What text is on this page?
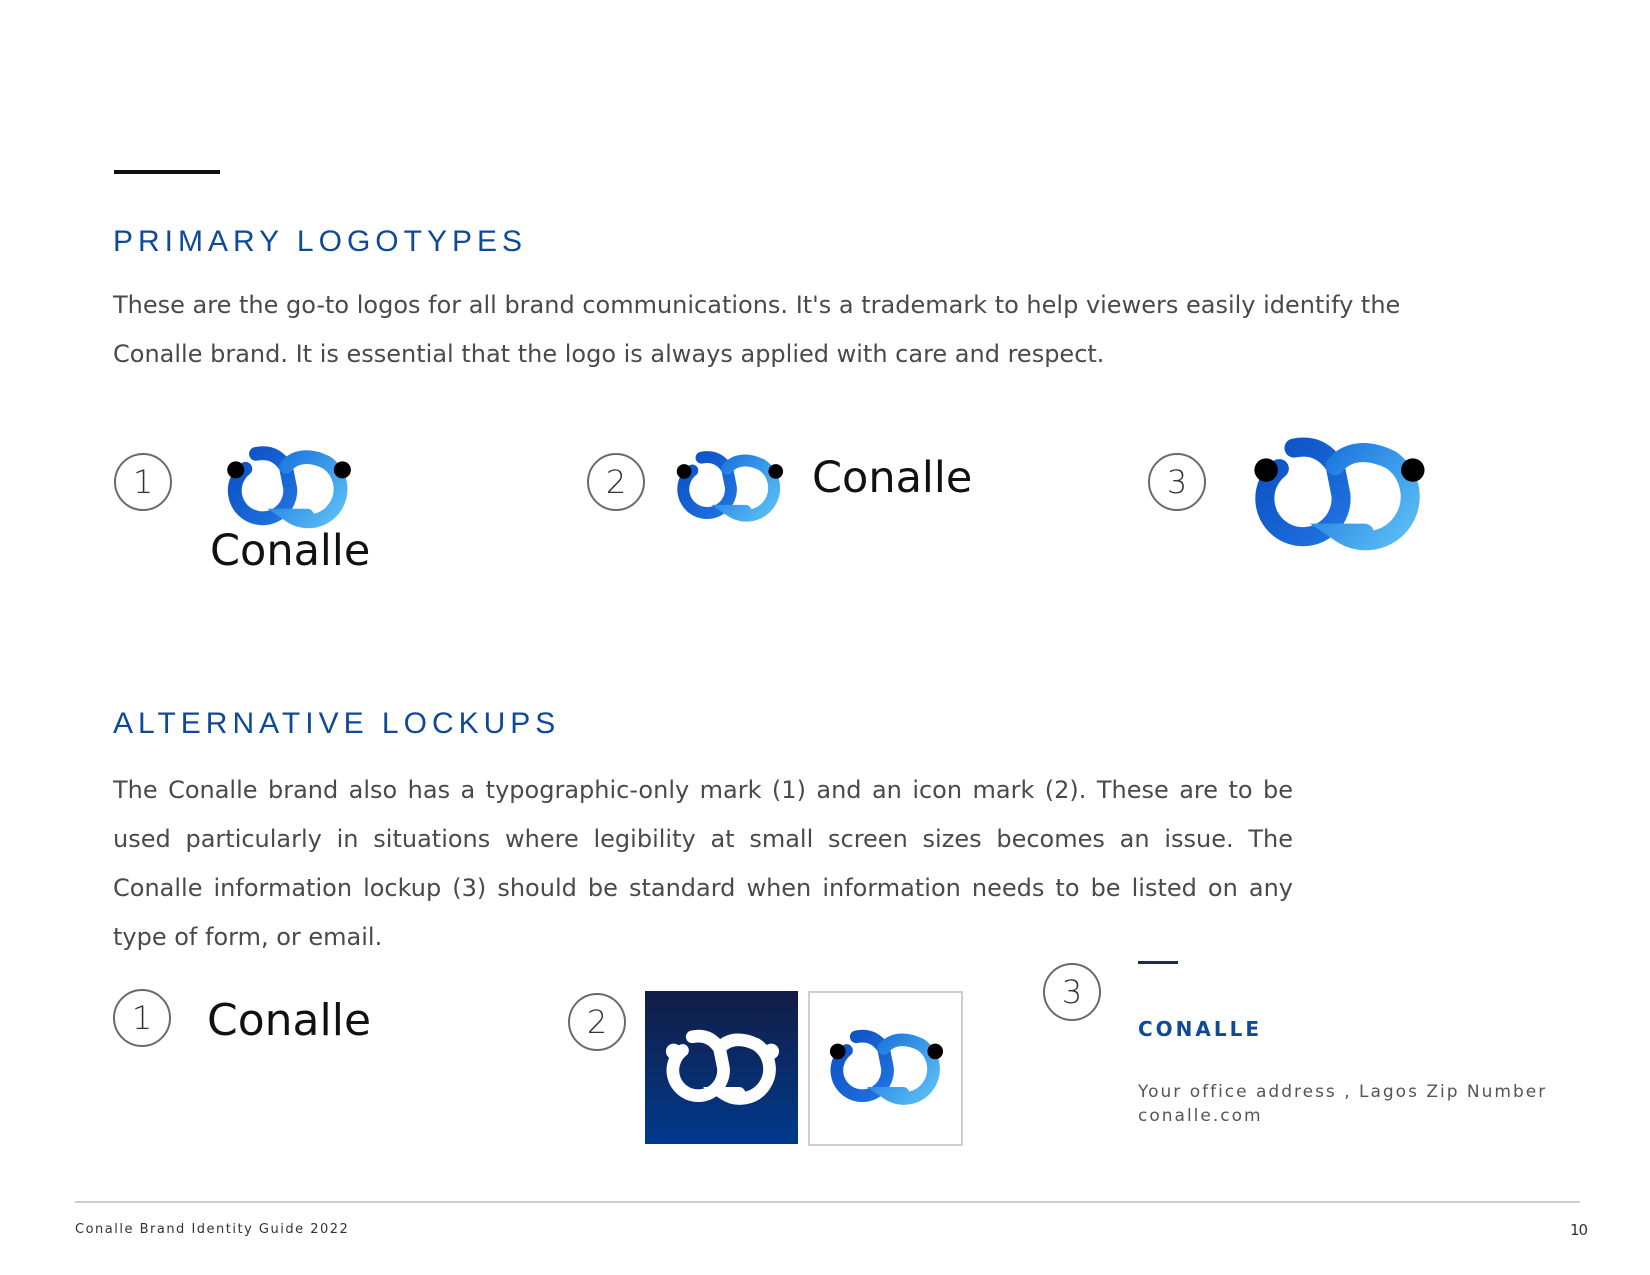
PRIMARY LOGOTYPES

These are the go-to logos for all brand communications. It's a trademark to help viewers easily identify the Conalle brand. It is essential that the logo is always applied with care and respect.

1
Conalle
2	Conalle	3
ALTERNATIVE LOCKUPS

The Conalle brand also has a typographic-only mark (1) and an icon mark (2). These are to be used particularly in situations where legibility at small screen sizes becomes an issue. The Conalle information lockup (3) should be standard when information needs to be listed on any type of form, or email.

1	Conalle	2
3
CONALLE
Your office address , Lagos Zip Number
conalle.com
Conalle Brand Identity Guide 2022	10
